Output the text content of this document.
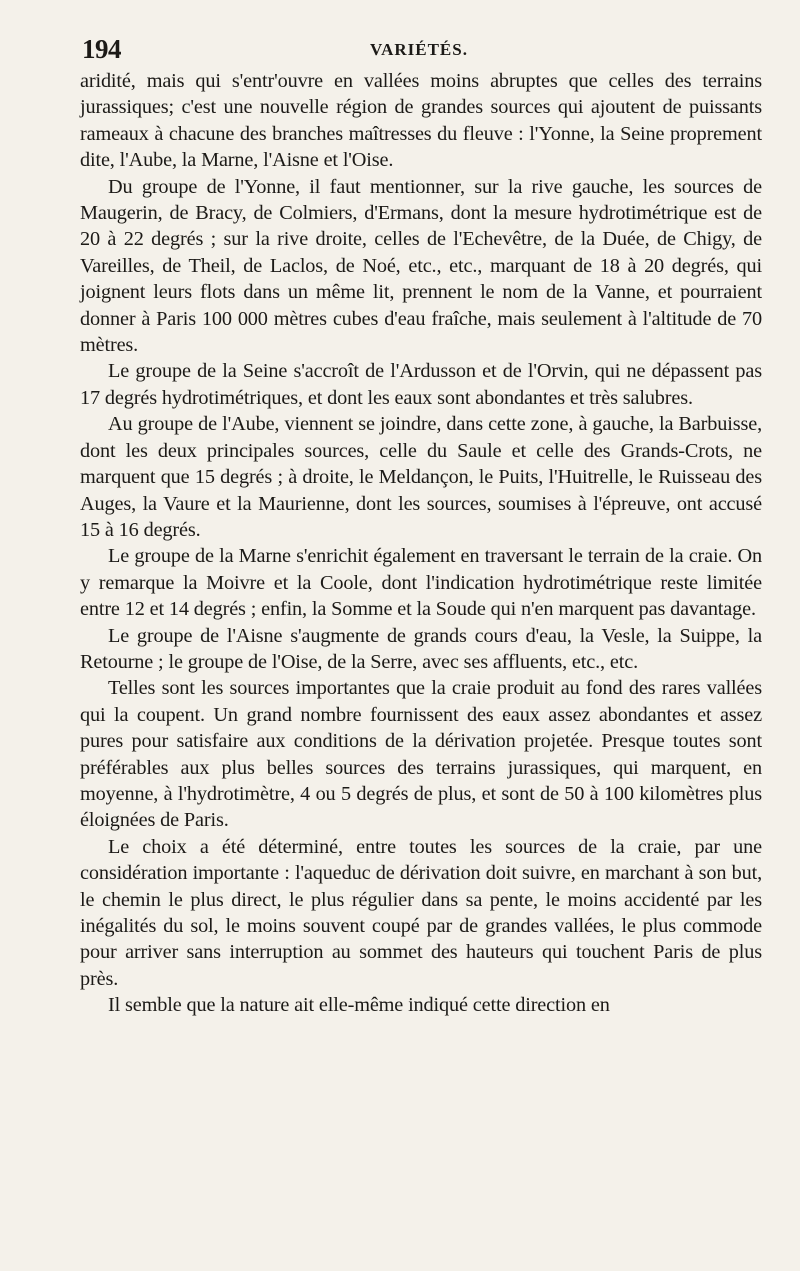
194	VARIÉTÉS.

aridité, mais qui s'entr'ouvre en vallées moins abruptes que celles des terrains jurassiques; c'est une nouvelle région de grandes sources qui ajoutent de puissants rameaux à chacune des branches maîtresses du fleuve : l'Yonne, la Seine proprement dite, l'Aube, la Marne, l'Aisne et l'Oise.

Du groupe de l'Yonne, il faut mentionner, sur la rive gauche, les sources de Maugerin, de Bracy, de Colmiers, d'Ermans, dont la mesure hydrotimétrique est de 20 à 22 degrés ; sur la rive droite, celles de l'Echevêtre, de la Duée, de Chigy, de Vareilles, de Theil, de Laclos, de Noé, etc., etc., marquant de 18 à 20 degrés, qui joignent leurs flots dans un même lit, prennent le nom de la Vanne, et pourraient donner à Paris 100 000 mètres cubes d'eau fraîche, mais seulement à l'altitude de 70 mètres.

Le groupe de la Seine s'accroît de l'Ardusson et de l'Orvin, qui ne dépassent pas 17 degrés hydrotimétriques, et dont les eaux sont abondantes et très salubres.

Au groupe de l'Aube, viennent se joindre, dans cette zone, à gauche, la Barbuisse, dont les deux principales sources, celle du Saule et celle des Grands-Crots, ne marquent que 15 degrés ; à droite, le Meldançon, le Puits, l'Huitrelle, le Ruisseau des Auges, la Vaure et la Maurienne, dont les sources, soumises à l'épreuve, ont accusé 15 à 16 degrés.

Le groupe de la Marne s'enrichit également en traversant le terrain de la craie. On y remarque la Moivre et la Coole, dont l'indication hydrotimétrique reste limitée entre 12 et 14 degrés ; enfin, la Somme et la Soude qui n'en marquent pas davantage.

Le groupe de l'Aisne s'augmente de grands cours d'eau, la Vesle, la Suippe, la Retourne ; le groupe de l'Oise, de la Serre, avec ses affluents, etc., etc.

Telles sont les sources importantes que la craie produit au fond des rares vallées qui la coupent. Un grand nombre fournissent des eaux assez abondantes et assez pures pour satisfaire aux conditions de la dérivation projetée. Presque toutes sont préférables aux plus belles sources des terrains jurassiques, qui marquent, en moyenne, à l'hydrotimètre, 4 ou 5 degrés de plus, et sont de 50 à 100 kilomètres plus éloignées de Paris.

Le choix a été déterminé, entre toutes les sources de la craie, par une considération importante : l'aqueduc de dérivation doit suivre, en marchant à son but, le chemin le plus direct, le plus régulier dans sa pente, le moins accidenté par les inégalités du sol, le moins souvent coupé par de grandes vallées, le plus commode pour arriver sans interruption au sommet des hauteurs qui touchent Paris de plus près.

Il semble que la nature ait elle-même indiqué cette direction en
